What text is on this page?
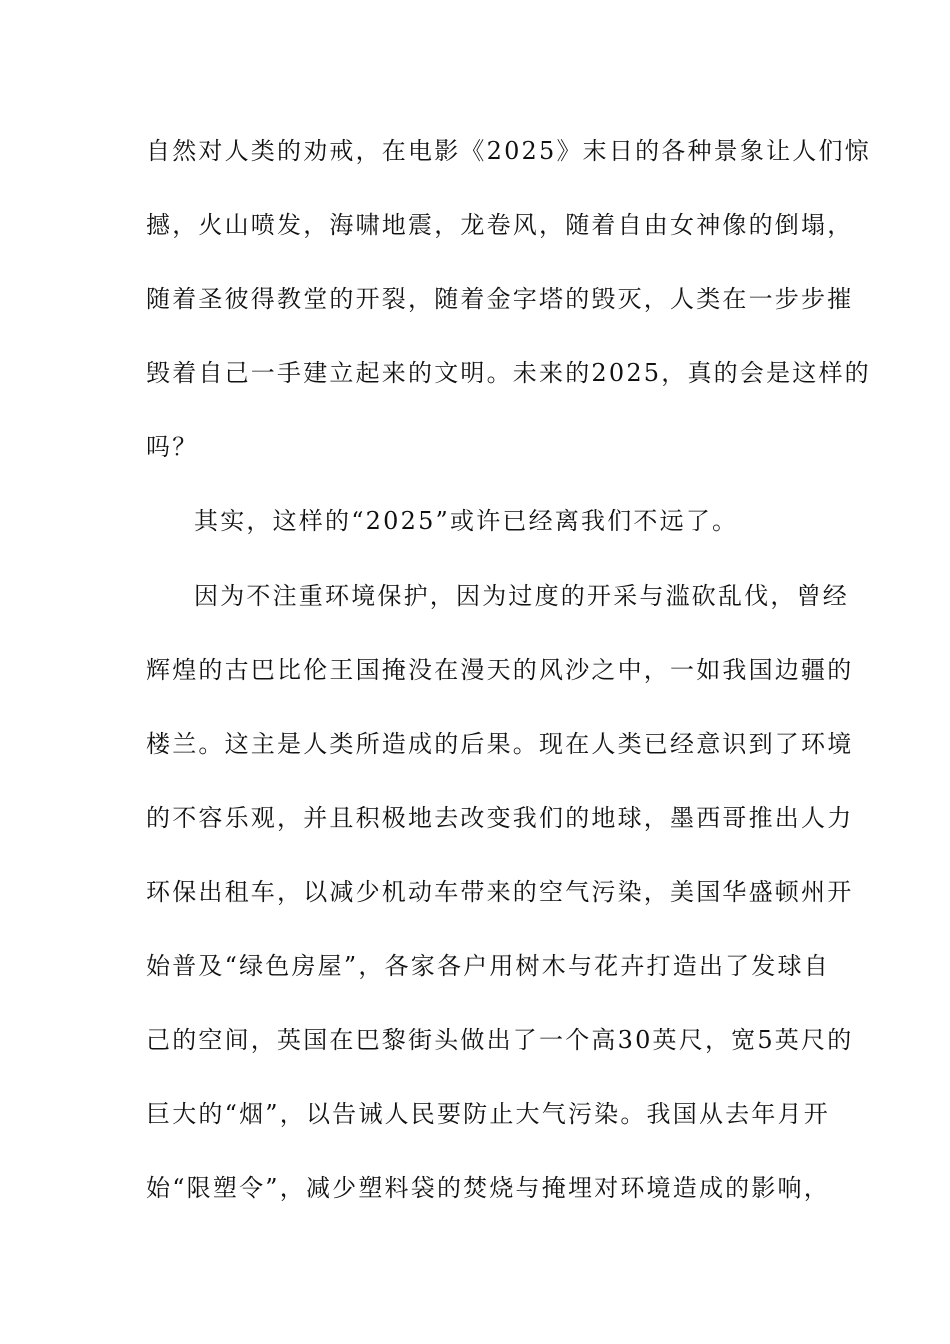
自然对人类的劝戒，在电影《2025》末日的各种景象让人们惊
撼，火山喷发，海啸地震，龙卷风，随着自由女神像的倒塌，
随着圣彼得教堂的开裂，随着金字塔的毁灭，人类在一步步摧
毁着自己一手建立起来的文明。未来的2025，真的会是这样的
吗？
其实，这样的“2025”或许已经离我们不远了。
因为不注重环境保护，因为过度的开采与滥砍乱伐，曾经
辉煌的古巴比伦王国掩没在漫天的风沙之中，一如我国边疆的
楼兰。这主是人类所造成的后果。现在人类已经意识到了环境
的不容乐观，并且积极地去改变我们的地球，墨西哥推出人力
环保出租车，以减少机动车带来的空气污染，美国华盛顿州开
始普及“绿色房屋”，各家各户用树木与花卉打造出了发球自
己的空间，英国在巴黎街头做出了一个高30英尺，宽5英尺的
巨大的“烟”，以告诫人民要防止大气污染。我国从去年月开
始“限塑令”，减少塑料袋的焚烧与掩埋对环境造成的影响，
